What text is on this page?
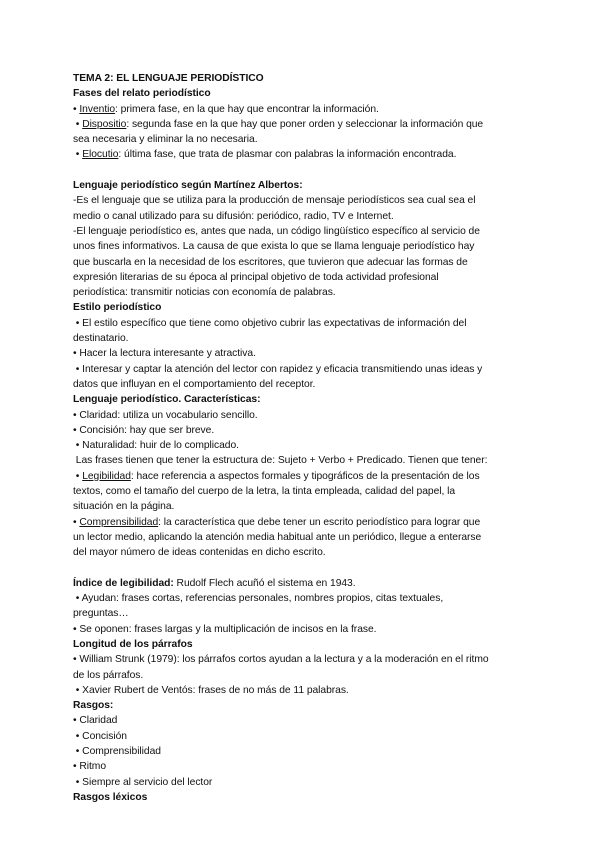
TEMA 2: EL LENGUAJE PERIODÍSTICO
Fases del relato periodístico
• Inventio: primera fase, en la que hay que encontrar la información.
• Dispositio: segunda fase en la que hay que poner orden y seleccionar la información que
sea necesaria y eliminar la no necesaria.
• Elocutio: última fase, que trata de plasmar con palabras la información encontrada.
Lenguaje periodístico según Martínez Albertos:
-Es el lenguaje que se utiliza para la producción de mensaje periodísticos sea cual sea el
medio o canal utilizado para su difusión: periódico, radio, TV e Internet.
-El lenguaje periodístico es, antes que nada, un código lingüístico específico al servicio de
unos fines informativos. La causa de que exista lo que se llama lenguaje periodístico hay
que buscarla en la necesidad de los escritores, que tuvieron que adecuar las formas de
expresión literarias de su época al principal objetivo de toda actividad profesional
periodística: transmitir noticias con economía de palabras.
Estilo periodístico
• El estilo específico que tiene como objetivo cubrir las expectativas de información del
destinatario.
• Hacer la lectura interesante y atractiva.
• Interesar y captar la atención del lector con rapidez y eficacia transmitiendo unas ideas y
datos que influyan en el comportamiento del receptor.
Lenguaje periodístico. Características:
• Claridad: utiliza un vocabulario sencillo.
• Concisión: hay que ser breve.
• Naturalidad: huir de lo complicado.
Las frases tienen que tener la estructura de: Sujeto + Verbo + Predicado. Tienen que tener:
• Legibilidad: hace referencia a aspectos formales y tipográficos de la presentación de los
textos, como el tamaño del cuerpo de la letra, la tinta empleada, calidad del papel, la
situación en la página.
• Comprensibilidad: la característica que debe tener un escrito periodístico para lograr que
un lector medio, aplicando la atención media habitual ante un periódico, llegue a enterarse
del mayor número de ideas contenidas en dicho escrito.
Índice de legibilidad: Rudolf Flech acuñó el sistema en 1943.
• Ayudan: frases cortas, referencias personales, nombres propios, citas textuales,
preguntas…
• Se oponen: frases largas y la multiplicación de incisos en la frase.
Longitud de los párrafos
• William Strunk (1979): los párrafos cortos ayudan a la lectura y a la moderación en el ritmo
de los párrafos.
• Xavier Rubert de Ventós: frases de no más de 11 palabras.
Rasgos:
• Claridad
• Concisión
• Comprensibilidad
• Ritmo
• Siempre al servicio del lector
Rasgos léxicos
